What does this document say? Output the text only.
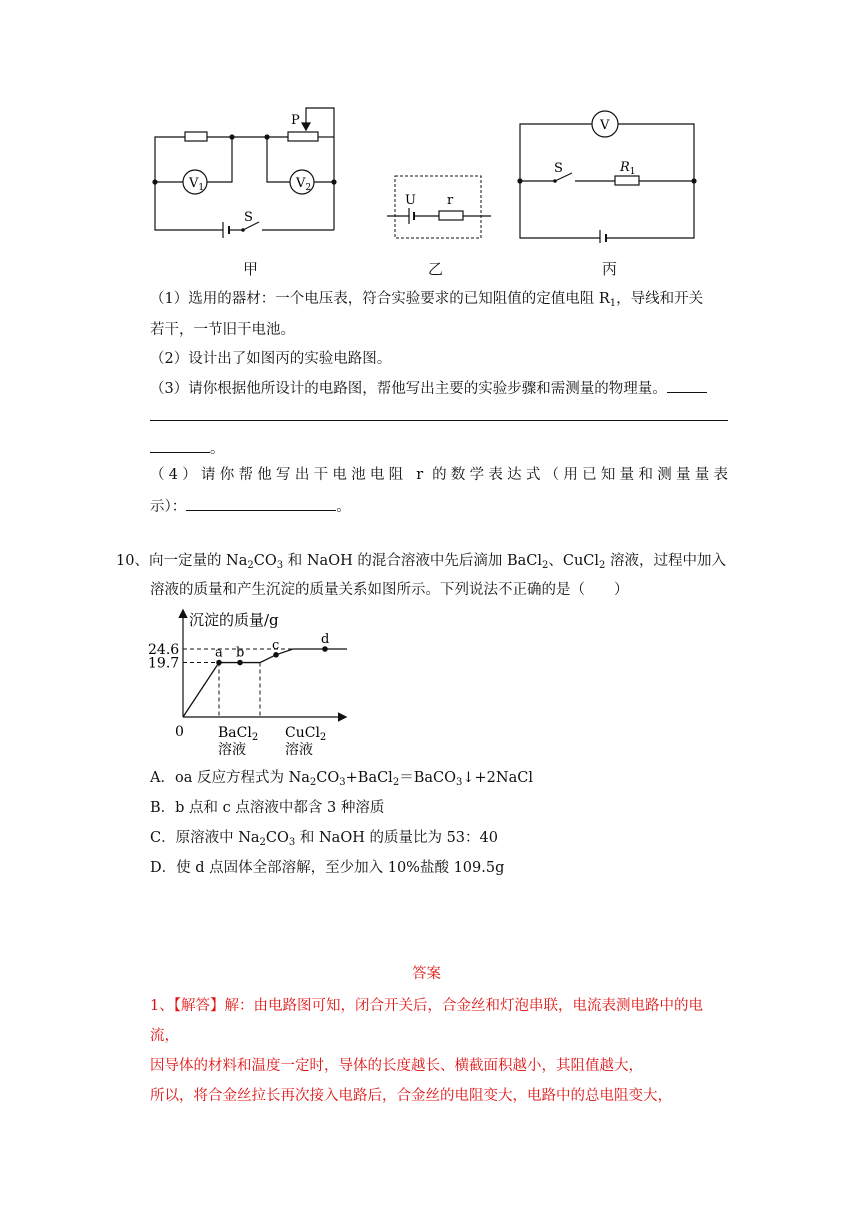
P
$V_1$	$V_2$
S
甲
U r
乙
V
S	$R_1$
丙
（1）选用的器材：一个电压表，符合实验要求的已知阻值的定值电阻 $R_1$，导线和开关
若干，一节旧干电池。
（2）设计出了如图丙的实验电路图。
（3）请你根据他所设计的电路图，帮他写出主要的实验步骤和需测量的物理量。
。
（4）请你帮他写出干电池电阻 r 的数学表达式（用已知量和测量量表
示）：	。
10、向一定量的 $Na_2CO_3$ 和 NaOH 的混合溶液中先后滴加 BaCl$_2$、CuCl$_2$ 溶液，过程中加入
溶液的质量和产生沉淀的质量关系如图所示。下列说法不正确的是（　　）
沉淀的质量/g
0
24.6
19.7
a b
c	d
BaCl$_2$
溶液
CuCl$_2$
溶液
A．oa 反应方程式为 $Na_2CO_3+BaCl_2=BaCO_3↓+2NaCl$
B．b 点和 c 点溶液中都含 3 种溶质
C．原溶液中 $Na_2CO_3$ 和 NaOH 的质量比为 53：40
D．使 d 点固体全部溶解，至少加入 10%盐酸 109.5g
答案
1、【解答】解：由电路图可知，闭合开关后，合金丝和灯泡串联，电流表测电路中的电
流，
因导体的材料和温度一定时，导体的长度越长、横截面积越小，其阻值越大，
所以，将合金丝拉长再次接入电路后，合金丝的电阻变大，电路中的总电阻变大，
